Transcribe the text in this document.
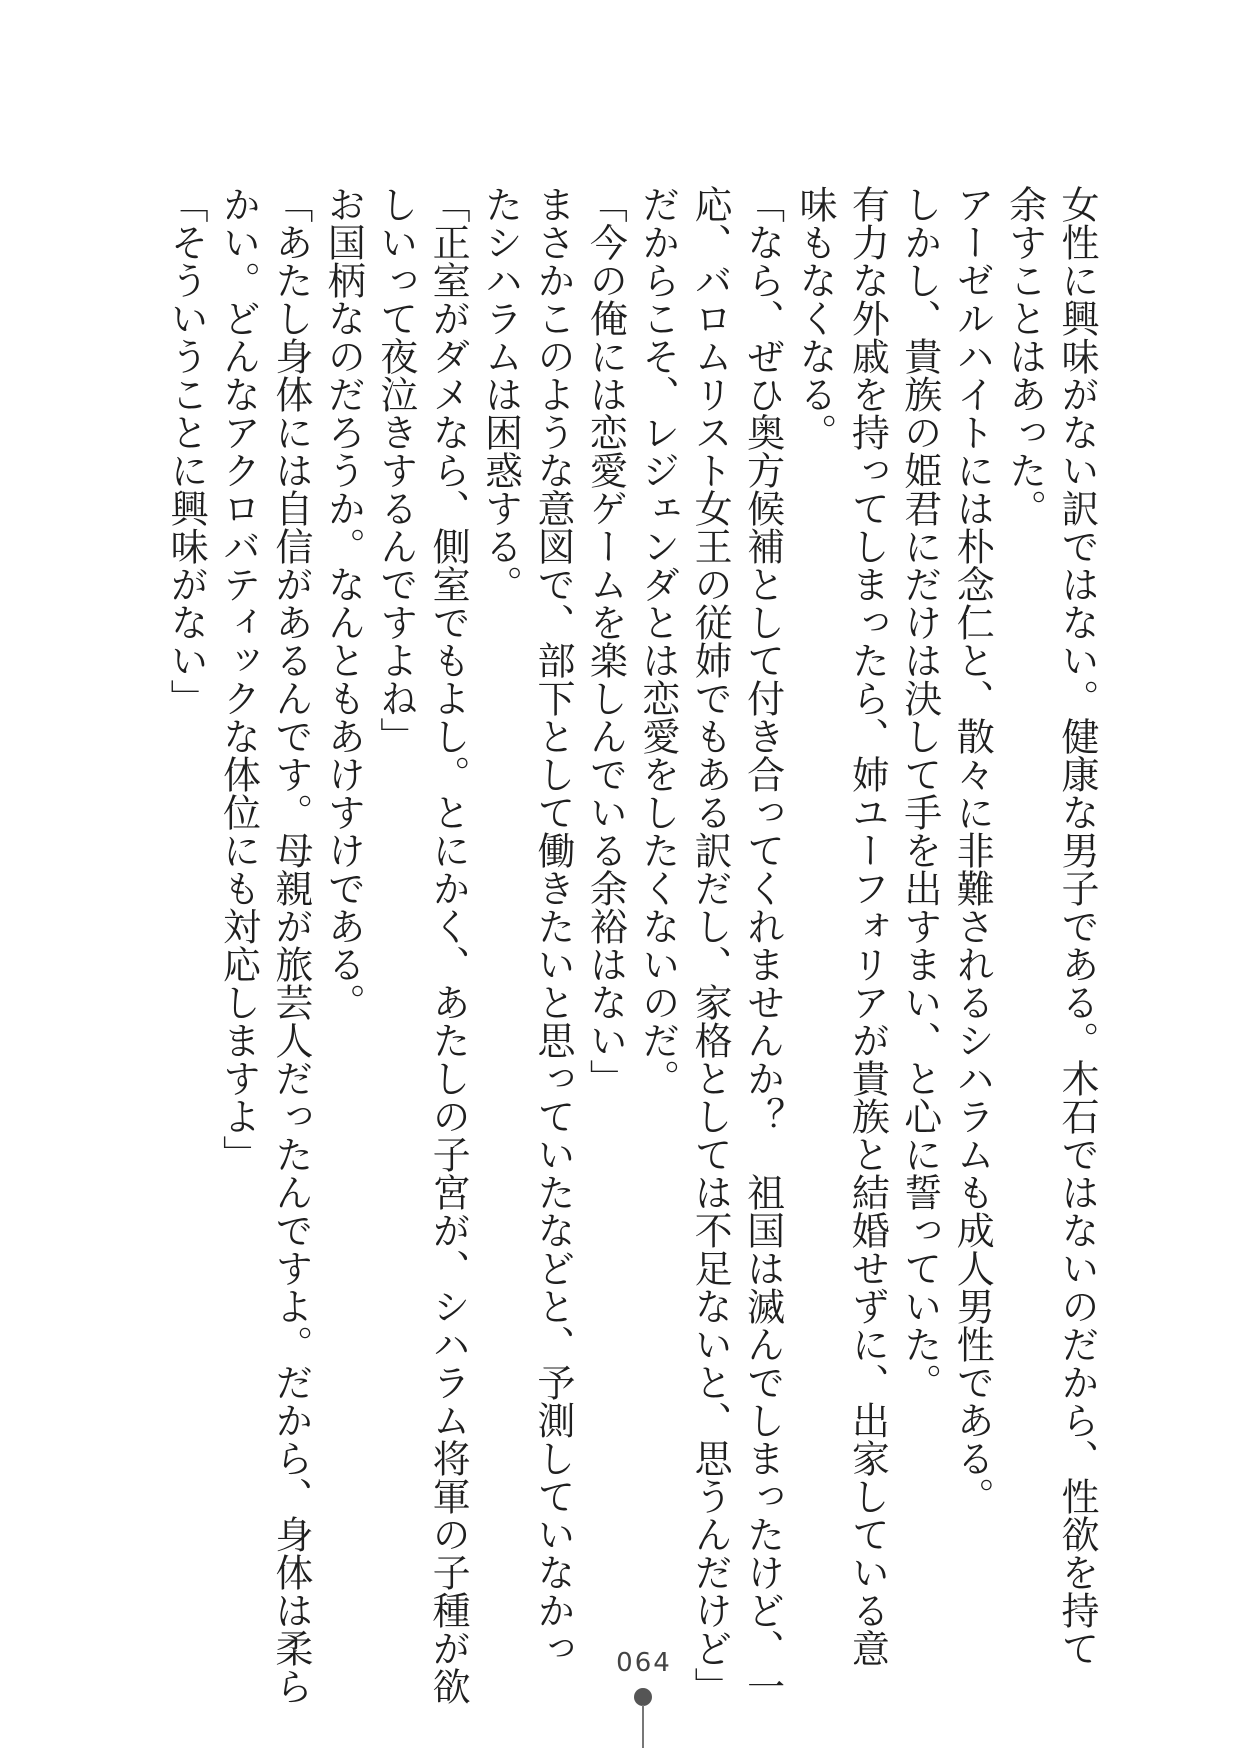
女性に興味がない訳ではない。健康な男子である。木石ではないのだから、性欲を持て
余すことはあった。
アーゼルハイトには朴念仁と、散々に非難されるシハラムも成人男性である。
しかし、貴族の姫君にだけは決して手を出すまい、と心に誓っていた。
有力な外戚を持ってしまったら、姉ユーフォリアが貴族と結婚せずに、出家している意
味もなくなる。
「なら、ぜひ奥方候補として付き合ってくれませんか？　祖国は滅んでしまったけど、一
応、バロムリスト女王の従姉でもある訳だし、家格としては不足ないと、思うんだけど」
だからこそ、レジェンダとは恋愛をしたくないのだ。
「今の俺には恋愛ゲームを楽しんでいる余裕はない」
まさかこのような意図で、部下として働きたいと思っていたなどと、予測していなかっ
たシハラムは困惑する。
「正室がダメなら、側室でもよし。とにかく、あたしの子宮が、シハラム将軍の子種が欲
しいって夜泣きするんですよね」
お国柄なのだろうか。なんともあけすけである。
「あたし身体には自信があるんです。母親が旅芸人だったんですよ。だから、身体は柔ら
かい。どんなアクロバティックな体位にも対応しますよ」
「そういうことに興味がない」
064
